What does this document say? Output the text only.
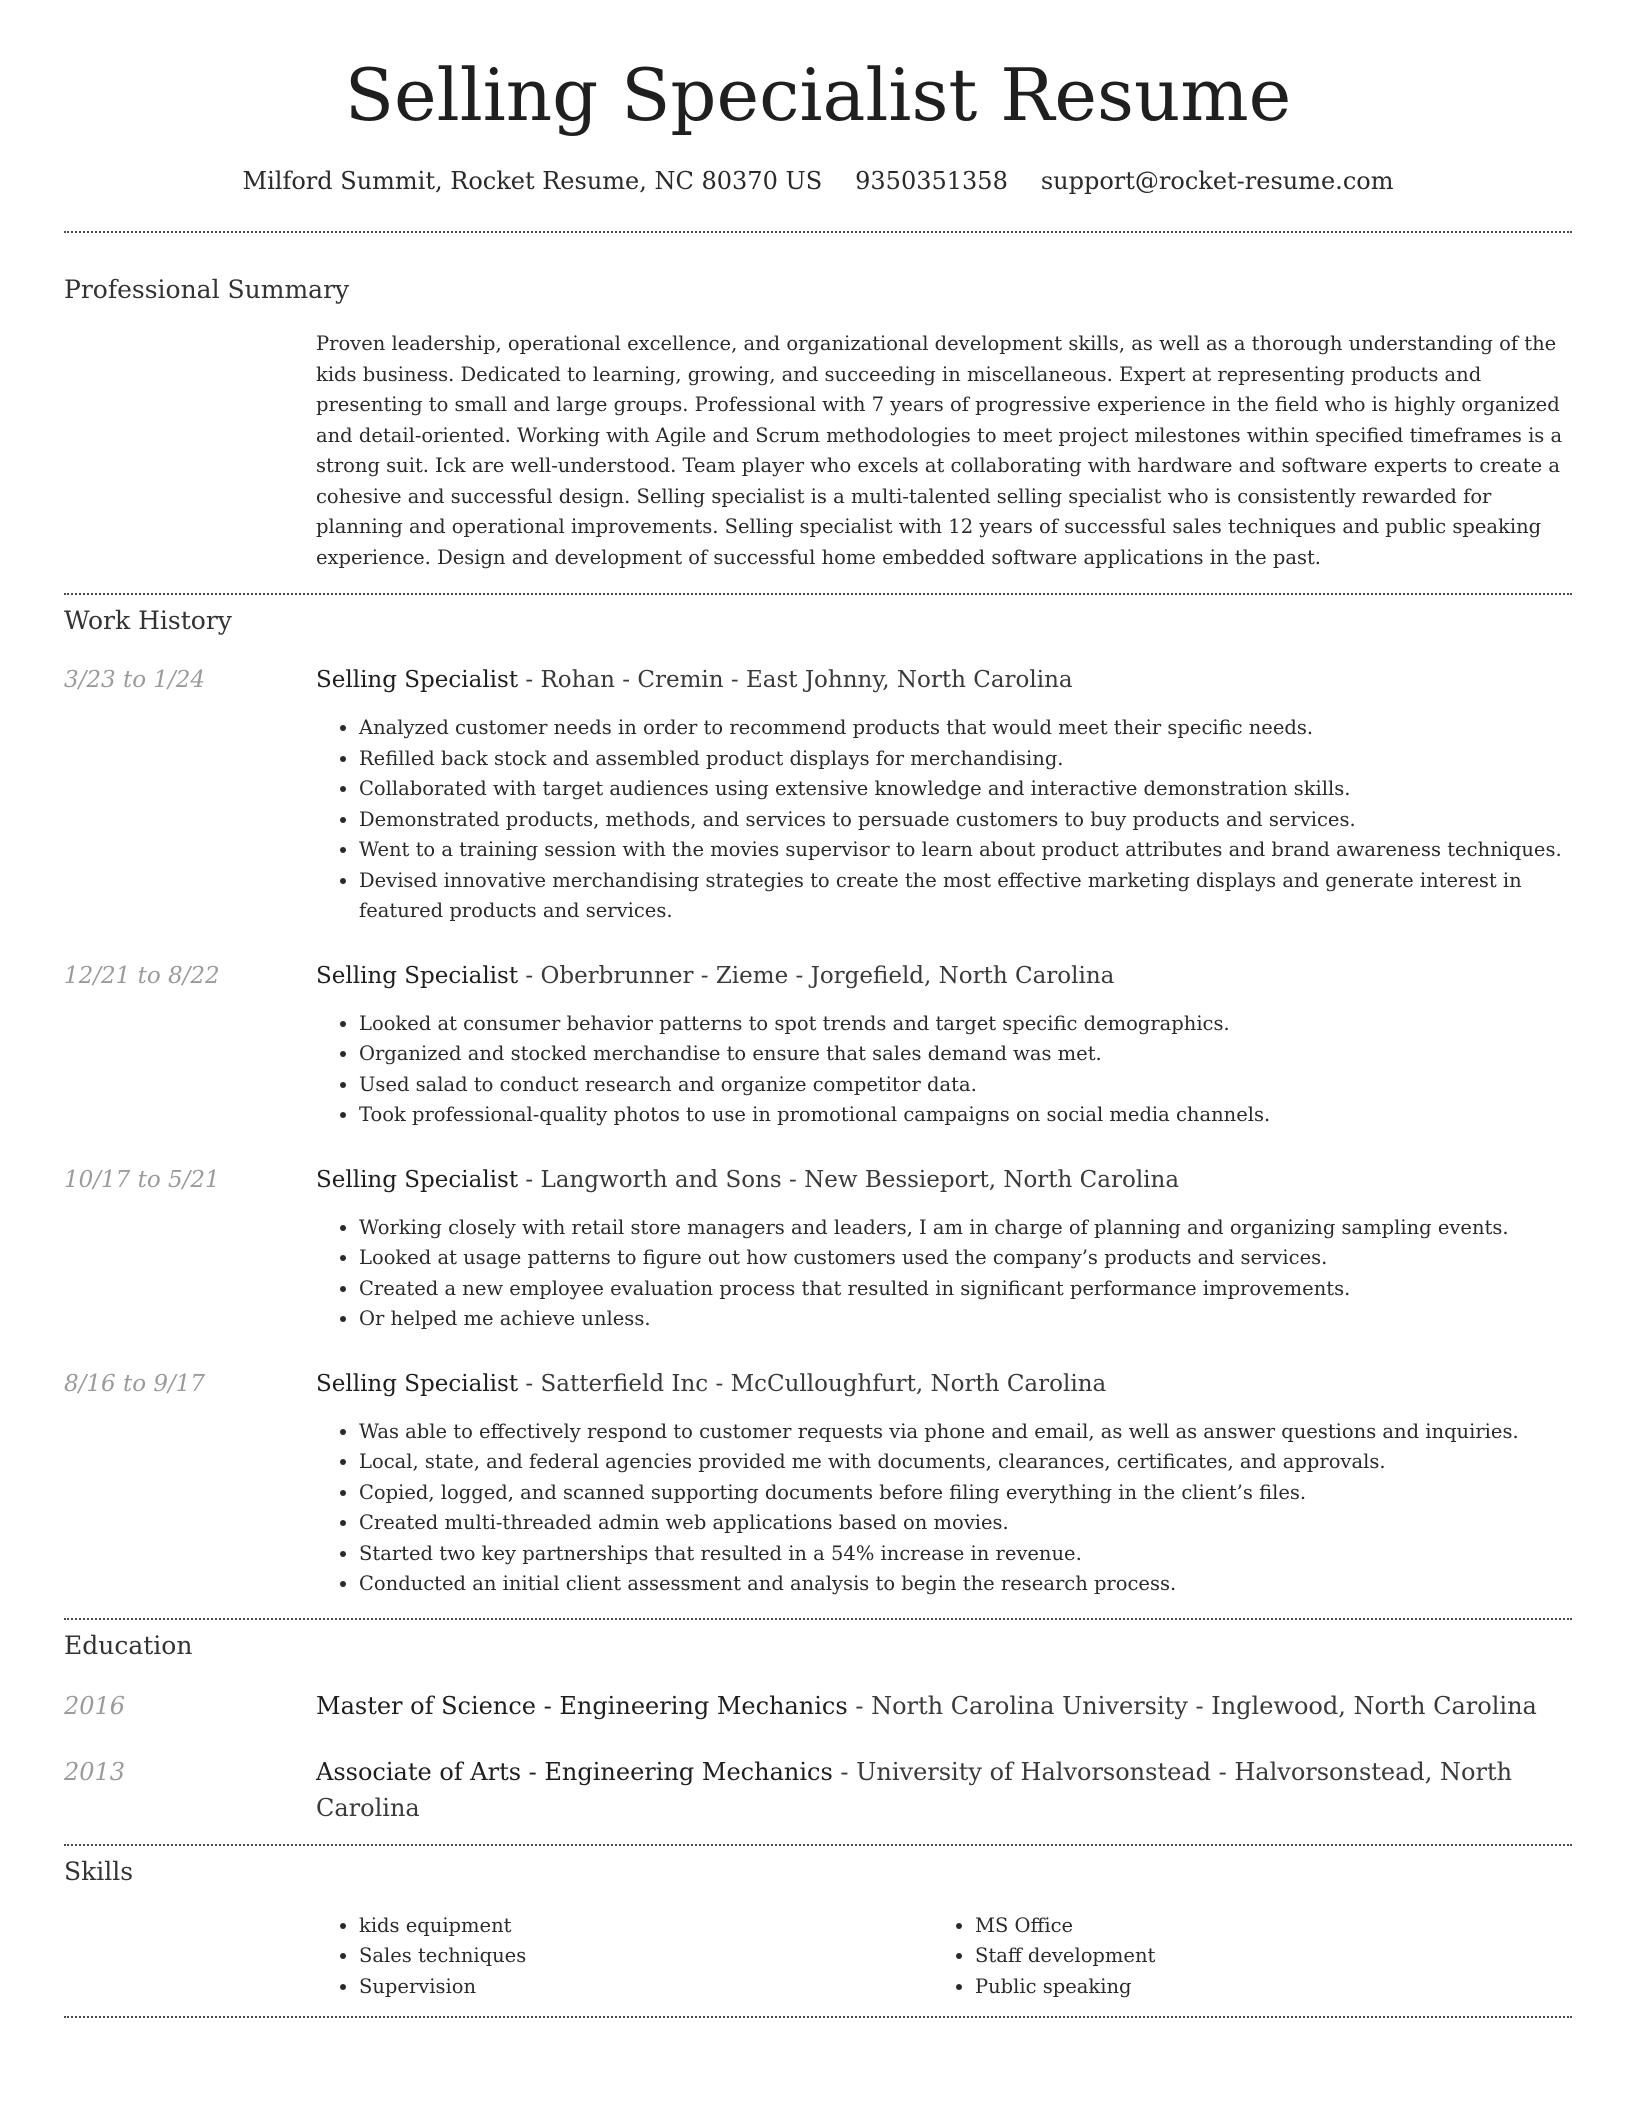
Selling Specialist Resume
Milford Summit, Rocket Resume, NC 80370 US 9350351358 support@rocket-resume.com
Professional Summary

Proven leadership, operational excellence, and organizational development skills, as well as a thorough understanding of the kids business. Dedicated to learning, growing, and succeeding in miscellaneous. Expert at representing products and presenting to small and large groups. Professional with 7 years of progressive experience in the field who is highly organized and detail-oriented. Working with Agile and Scrum methodologies to meet project milestones within specified timeframes is a strong suit. Ick are well-understood. Team player who excels at collaborating with hardware and software experts to create a cohesive and successful design. Selling specialist is a multi-talented selling specialist who is consistently rewarded for planning and operational improvements. Selling specialist with 12 years of successful sales techniques and public speaking experience. Design and development of successful home embedded software applications in the past.

Work History
3/23 to 1/24	Selling Specialist - Rohan - Cremin - East Johnny, North Carolina
• Analyzed customer needs in order to recommend products that would meet their specific needs.
• Refilled back stock and assembled product displays for merchandising.
• Collaborated with target audiences using extensive knowledge and interactive demonstration skills.
• Demonstrated products, methods, and services to persuade customers to buy products and services.
• Went to a training session with the movies supervisor to learn about product attributes and brand awareness techniques.
• Devised innovative merchandising strategies to create the most effective marketing displays and generate interest in featured products and services.
12/21 to 8/22	Selling Specialist - Oberbrunner - Zieme - Jorgefield, North Carolina
• Looked at consumer behavior patterns to spot trends and target specific demographics.
• Organized and stocked merchandise to ensure that sales demand was met.
• Used salad to conduct research and organize competitor data.
• Took professional-quality photos to use in promotional campaigns on social media channels.
10/17 to 5/21	Selling Specialist - Langworth and Sons - New Bessieport, North Carolina
• Working closely with retail store managers and leaders, I am in charge of planning and organizing sampling events.
• Looked at usage patterns to figure out how customers used the company’s products and services.
• Created a new employee evaluation process that resulted in significant performance improvements.
• Or helped me achieve unless.
8/16 to 9/17	Selling Specialist - Satterfield Inc - McCulloughfurt, North Carolina
• Was able to effectively respond to customer requests via phone and email, as well as answer questions and inquiries.
• Local, state, and federal agencies provided me with documents, clearances, certificates, and approvals.
• Copied, logged, and scanned supporting documents before filing everything in the client’s files.
• Created multi-threaded admin web applications based on movies.
• Started two key partnerships that resulted in a 54% increase in revenue.
• Conducted an initial client assessment and analysis to begin the research process.
Education
2016	Master of Science - Engineering Mechanics - North Carolina University - Inglewood, North Carolina
2013	Associate of Arts - Engineering Mechanics - University of Halvorsonstead - Halvorsonstead, North Carolina
Skills
• kids equipment
• Sales techniques
• Supervision
• MS Office
• Staff development
• Public speaking
